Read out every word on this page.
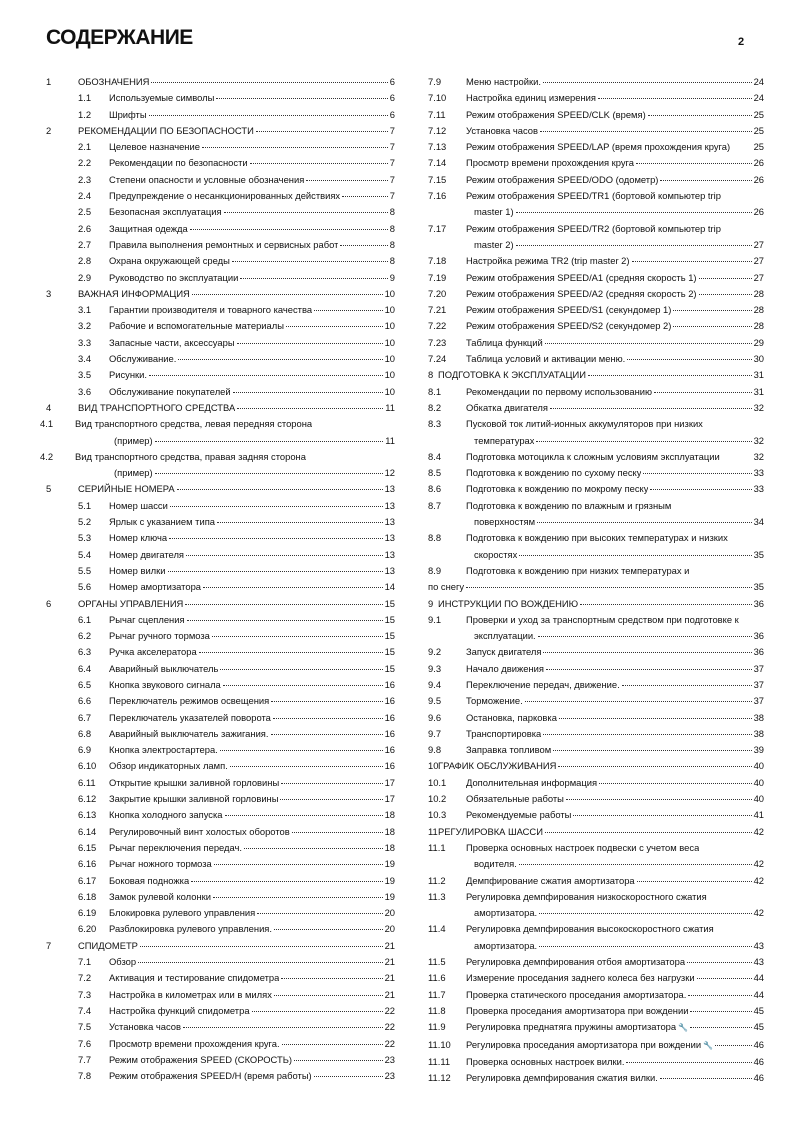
СОДЕРЖАНИЕ	2
1	ОБОЗНАЧЕНИЯ	6
1.1 Используемые символы	6
1.2 Шрифты	6
2	РЕКОМЕНДАЦИИ ПО БЕЗОПАСНОСТИ	7
2.1 Целевое назначение	7
2.2 Рекомендации по безопасности	7
2.3 Степени опасности и условные обозначения	7
2.4 Предупреждение о несанкционированных действиях	7
2.5 Безопасная эксплуатация	8
2.6 Защитная одежда	8
2.7 Правила выполнения ремонтных и сервисных работ	8
2.8 Охрана окружающей среды	8
2.9 Руководство по эксплуатации	9
3	ВАЖНАЯ ИНФОРМАЦИЯ	10
3.1 Гарантии производителя и товарного качества	10
3.2 Рабочие и вспомогательные материалы	10
3.3 Запасные части, аксессуары	10
3.4 Обслуживание.	10
3.5 Рисунки.	10
3.6 Обслуживание покупателей	10
4	ВИД ТРАНСПОРТНОГО СРЕДСТВА	11
4.1 Вид транспортного средства, левая передняя сторона
(пример)	11
4.2 Вид транспортного средства, правая задняя сторона
(пример)	12
5	СЕРИЙНЫЕ НОМЕРА	13
5.1 Номер шасси	13
5.2 Ярлык с указанием типа	13
5.3 Номер ключа	13
5.4 Номер двигателя	13
5.5 Номер вилки	13
5.6 Номер амортизатора	14
6	ОРГАНЫ УПРАВЛЕНИЯ	15
6.1 Рычаг сцепления	15
6.2 Рычаг ручного тормоза	15
6.3 Ручка акселератора	15
6.4 Аварийный выключатель	15
6.5 Кнопка звукового сигнала	16
6.6 Переключатель режимов освещения	16
6.7 Переключатель указателей поворота	16
6.8 Аварийный выключатель зажигания.	16
6.9 Кнопка электростартера.	16
6.10 Обзор индикаторных ламп.	16
6.11 Открытие крышки заливной горловины	17
6.12 Закрытие крышки заливной горловины	17
6.13 Кнопка холодного запуска	18
6.14 Регулировочный винт холостых оборотов	18
6.15 Рычаг переключения передач.	18
6.16 Рычаг ножного тормоза	19
6.17 Боковая подножка	19
6.18 Замок рулевой колонки	19
6.19 Блокировка рулевого управления	20
6.20 Разблокировка рулевого управления.	20
7	СПИДОМЕТР	21
7.1 Обзор	21
7.2 Активация и тестирование спидометра	21
7.3 Настройка в километрах или в милях	21
7.4 Настройка функций спидометра	22
7.5 Установка часов	22
7.6 Просмотр времени прохождения круга.	22
7.7 Режим отображения SPEED (СКОРОСТЬ)	23
7.8 Режим отображения SPEED/H (время работы)	23
7.9	Меню настройки.	24
7.10 Настройка единиц измерения	24
7.11 Режим отображения SPEED/CLK (время)	25
7.12 Установка часов	25
7.13 Режим отображения SPEED/LAP (время прохождения круга) 25
7.14 Просмотр времени прохождения круга	26
7.15 Режим отображения SPEED/ODO (одометр)	26
7.16 Режим отображения SPEED/TR1 (бортовой компьютер trip
master 1)	26
7.17 Режим отображения SPEED/TR2 (бортовой компьютер trip
master 2)	27
7.18 Настройка режима TR2 (trip master 2)	27
7.19 Режим отображения SPEED/A1 (средняя скорость 1)	27
7.20 Режим отображения SPEED/A2 (средняя скорость 2)	28
7.21 Режим отображения SPEED/S1 (секундомер 1)	28
7.22 Режим отображения SPEED/S2 (секундомер 2)	28
7.23 Таблица функций	29
7.24 Таблица условий и активации меню.	30
8 ПОДГОТОВКА К ЭКСПЛУАТАЦИИ	31
8.1	Рекомендации по первому использованию	31
8.2	Обкатка двигателя	32
8.3	Пусковой ток литий-ионных аккумуляторов при низких
температурах	32
8.4	Подготовка мотоцикла к сложным условиям эксплуатации	32
8.5	Подготовка к вождению по сухому песку	33
8.6	Подготовка к вождению по мокрому песку	33
8.7	Подготовка к вождению по влажным и грязным
поверхностям	34
8.8	Подготовка к вождению при высоких температурах и низких
скоростях	35
8.9	Подготовка к вождению при низких температурах и
по снегу	35
9 ИНСТРУКЦИИ ПО ВОЖДЕНИЮ	36
9.1	Проверки и уход за транспортным средством при подготовке к
эксплуатации.	36
9.2	Запуск двигателя	36
9.3	Начало движения	37
9.4	Переключение передач, движение.	37
9.5	Торможение.	37
9.6	Остановка, парковка	38
9.7	Транспортировка	38
9.8	Заправка топливом	39
10 ГРАФИК ОБСЛУЖИВАНИЯ	40
10.1 Дополнительная информация	40
10.2 Обязательные работы	40
10.3 Рекомендуемые работы	41
11 РЕГУЛИРОВКА ШАССИ	42
11.1 Проверка основных настроек подвески с учетом веса
водителя.	42
11.2 Демпфирование сжатия амортизатора	42
11.3 Регулировка демпфирования низкоскоростного сжатия
амортизатора.	42
11.4 Регулировка демпфирования высокоскоростного сжатия
амортизатора.	43
11.5 Регулировка демпфирования отбоя амортизатора	43
11.6 Измерение проседания заднего колеса без нагрузки	44
11.7 Проверка статического проседания амортизатора.	44
11.8 Проверка проседания амортизатора при вождении	45
11.9 Регулировка преднатяга пружины амортизатора 🔧	45
11.10 Регулировка проседания амортизатора при вождении 🔧	46
11.11 Проверка основных настроек вилки.	46
11.12 Регулировка демпфирования сжатия вилки.	46
